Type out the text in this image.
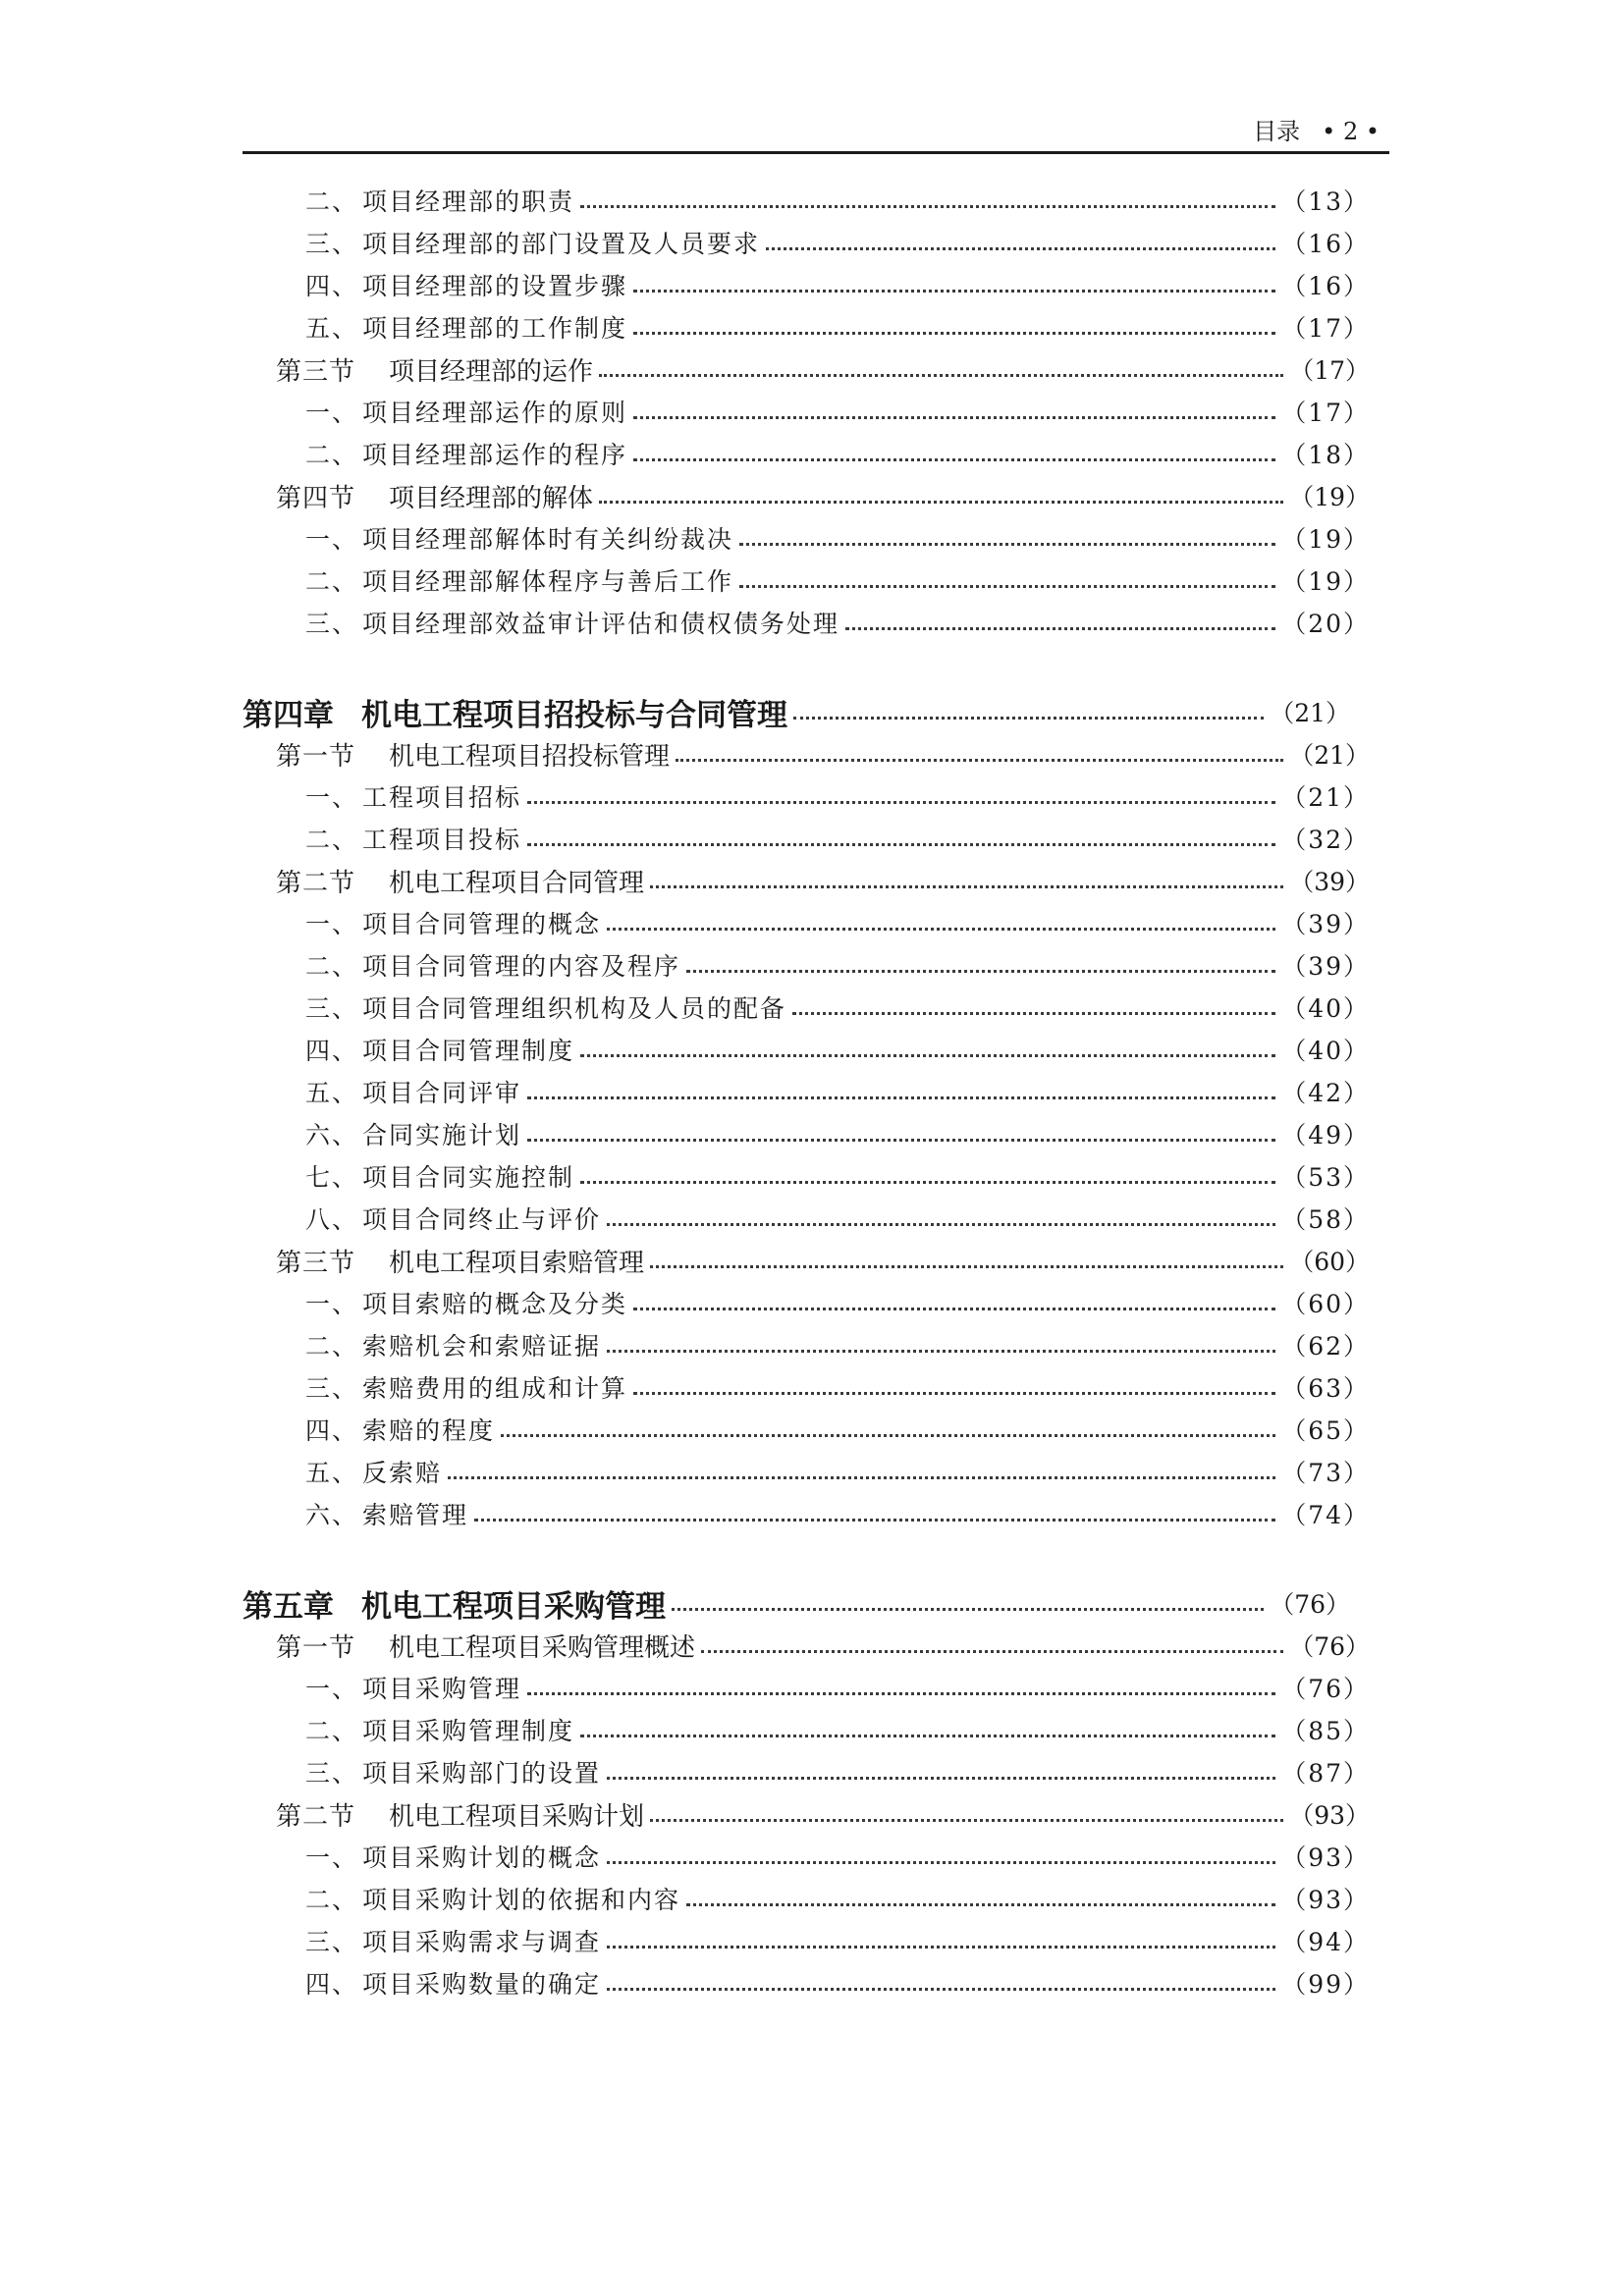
目录 • 2 •
二、 项目经理部的职责	（13）
三、 项目经理部的部门设置及人员要求	（16）
四、 项目经理部的设置步骤	（16）
五、 项目经理部的工作制度	（17）
第三节 项目经理部的运作	（17）
一、 项目经理部运作的原则	（17）
二、 项目经理部运作的程序	（18）
第四节 项目经理部的解体	（19）
一、 项目经理部解体时有关纠纷裁决	（19）
二、 项目经理部解体程序与善后工作	（19）
三、 项目经理部效益审计评估和债权债务处理	（20）
第四章 机电工程项目招投标与合同管理	（21）
第一节 机电工程项目招投标管理	（21）
一、 工程项目招标	（21）
二、 工程项目投标	（32）
第二节 机电工程项目合同管理	（39）
一、 项目合同管理的概念	（39）
二、 项目合同管理的内容及程序	（39）
三、 项目合同管理组织机构及人员的配备	（40）
四、 项目合同管理制度	（40）
五、 项目合同评审	（42）
六、 合同实施计划	（49）
七、 项目合同实施控制	（53）
八、 项目合同终止与评价	（58）
第三节 机电工程项目索赔管理	（60）
一、 项目索赔的概念及分类	（60）
二、 索赔机会和索赔证据	（62）
三、 索赔费用的组成和计算	（63）
四、 索赔的程度	（65）
五、 反索赔	（73）
六、 索赔管理	（74）
第五章 机电工程项目采购管理	（76）
第一节 机电工程项目采购管理概述	（76）
一、 项目采购管理	（76）
二、 项目采购管理制度	（85）
三、 项目采购部门的设置	（87）
第二节 机电工程项目采购计划	（93）
一、 项目采购计划的概念	（93）
二、 项目采购计划的依据和内容	（93）
三、 项目采购需求与调查	（94）
四、 项目采购数量的确定	（99）
